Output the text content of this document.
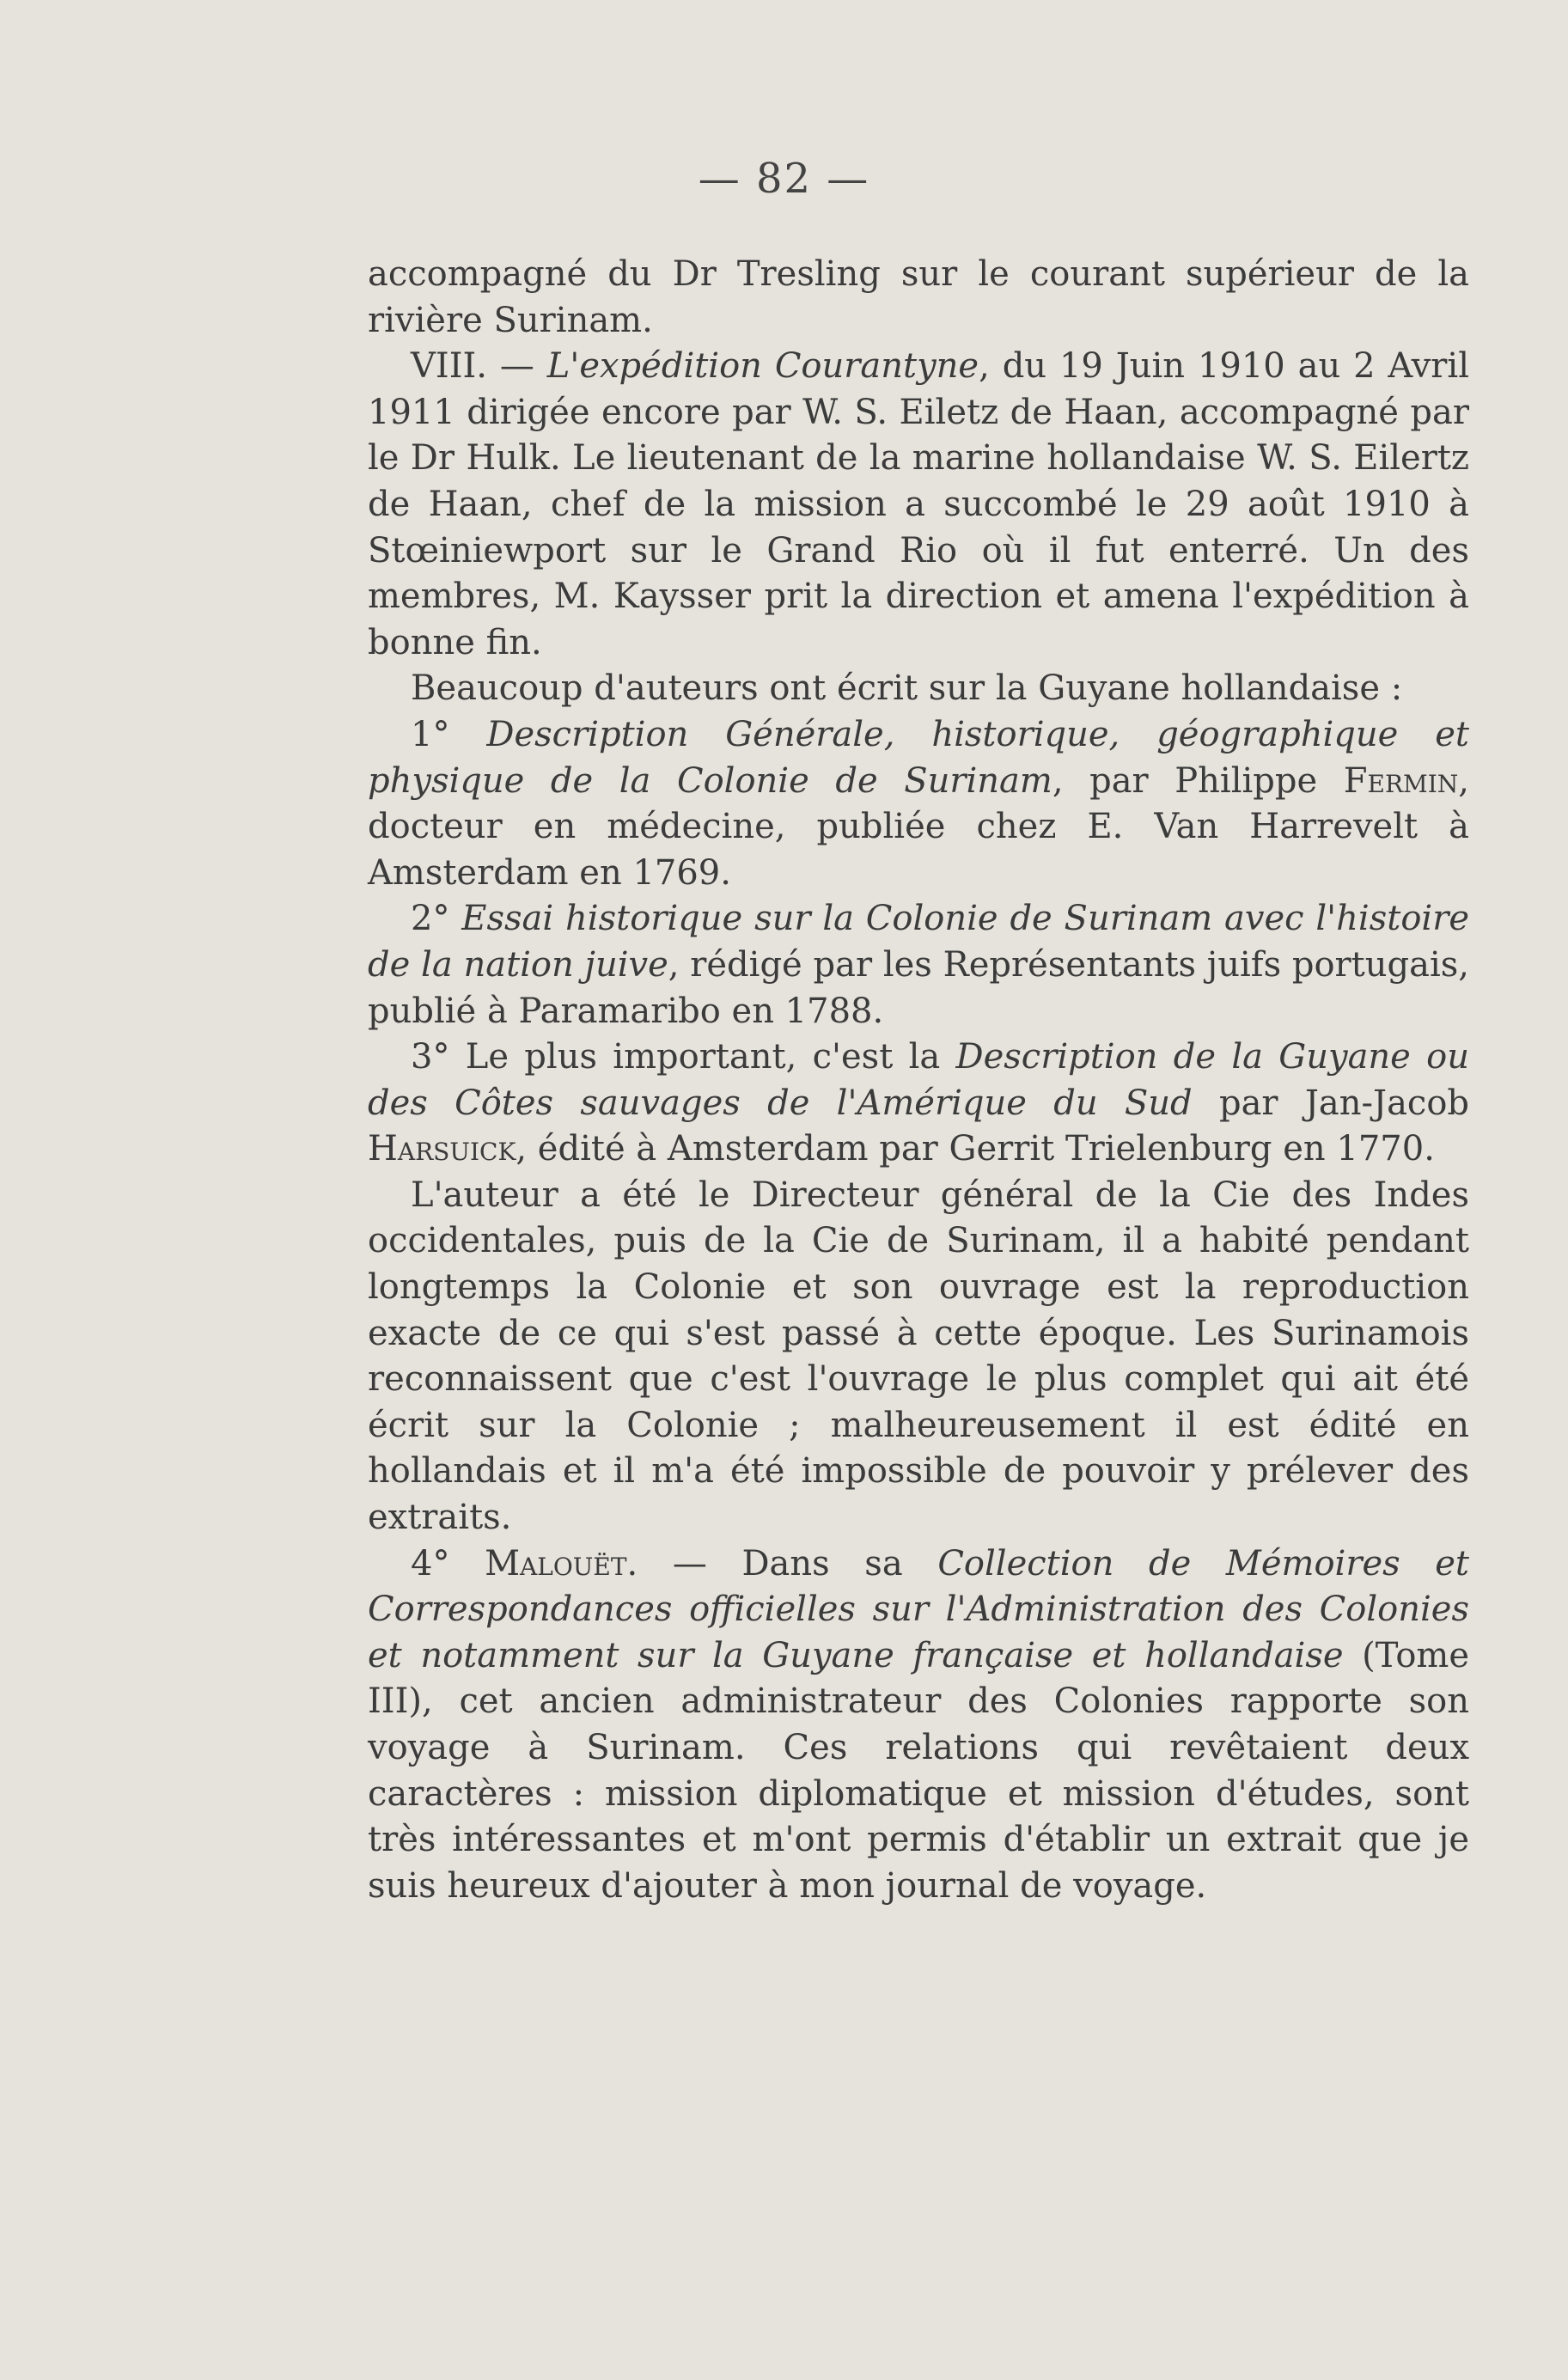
— 82 —

accompagné du Dr Tresling sur le courant supérieur de la rivière Surinam.

VIII. — L'expédition Courantyne, du 19 Juin 1910 au 2 Avril 1911 dirigée encore par W. S. Eiletz de Haan, accompagné par le Dr Hulk. Le lieutenant de la marine hollandaise W. S. Eilertz de Haan, chef de la mission a succombé le 29 août 1910 à Stœiniewport sur le Grand Rio où il fut enterré. Un des membres, M. Kaysser prit la direction et amena l'expédition à bonne fin.

Beaucoup d'auteurs ont écrit sur la Guyane hollandaise :

1° Description Générale, historique, géographique et physique de la Colonie de Surinam, par Philippe Fermin, docteur en médecine, publiée chez E. Van Harrevelt à Amsterdam en 1769.

2° Essai historique sur la Colonie de Surinam avec l'histoire de la nation juive, rédigé par les Représentants juifs portugais, publié à Paramaribo en 1788.

3° Le plus important, c'est la Description de la Guyane ou des Côtes sauvages de l'Amérique du Sud par Jan-Jacob Harsuick, édité à Amsterdam par Gerrit Trielenburg en 1770.

L'auteur a été le Directeur général de la Cie des Indes occidentales, puis de la Cie de Surinam, il a habité pendant longtemps la Colonie et son ouvrage est la reproduction exacte de ce qui s'est passé à cette époque. Les Surinamois reconnaissent que c'est l'ouvrage le plus complet qui ait été écrit sur la Colonie ; malheureusement il est édité en hollandais et il m'a été impossible de pouvoir y prélever des extraits.

4° Malouët. — Dans sa Collection de Mémoires et Correspondances officielles sur l'Administration des Colonies et notamment sur la Guyane française et hollandaise (Tome III), cet ancien administrateur des Colonies rapporte son voyage à Surinam. Ces relations qui revêtaient deux caractères : mission diplomatique et mission d'études, sont très intéressantes et m'ont permis d'établir un extrait que je suis heureux d'ajouter à mon journal de voyage.
